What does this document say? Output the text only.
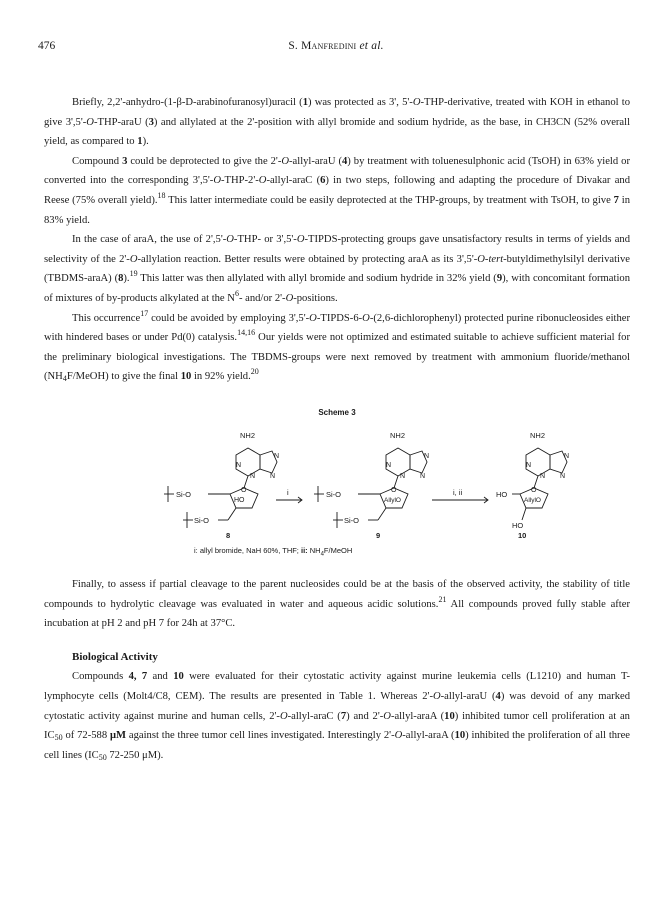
476	S. Manfredini et al.

Briefly, 2,2'-anhydro-(1-β-D-arabinofuranosyl)uracil (1) was protected as 3', 5'-O-THP-derivative, treated with KOH in ethanol to give 3',5'-O-THP-araU (3) and allylated at the 2'-position with allyl bromide and sodium hydride, as the base, in CH3CN (52% overall yield, as compared to 1).

Compound 3 could be deprotected to give the 2'-O-allyl-araU (4) by treatment with toluenesulphonic acid (TsOH) in 63% yield or converted into the corresponding 3',5'-O-THP-2'-O-allyl-araC (6) in two steps, following and adapting the procedure of Divakar and Reese (75% overall yield).$^{18}$ This latter intermediate could be easily deprotected at the THP-groups, by treatment with TsOH, to give 7 in 83% yield.

In the case of araA, the use of 2',5'-O-THP- or 3',5'-O-TIPDS-protecting groups gave unsatisfactory results in terms of yields and selectivity of the 2'-O-allylation reaction. Better results were obtained by protecting araA as its 3',5'-O-tert-butyldimethylsilyl derivative (TBDMS-araA) (8).$^{19}$ This latter was then allylated with allyl bromide and sodium hydride in 32% yield (9), with concomitant formation of mixtures of by-products alkylated at the $N^6-$ and/or 2'-O-positions.

This occurrence$^{17}$ could be avoided by employing 3',5'-O-TIPDS-6-O-(2,6-dichlorophenyl) protected purine ribonucleosides either with hindered bases or under Pd(0) catalysis.$^{14,16}$ Our yields were not optimized and estimated suitable to achieve sufficient material for the preliminary biological investigations. The TBDMS-groups were next removed by treatment with ammonium fluoride/methanol $(NH_4F/MeOH)$ to give the final 10 in 92% yield.$^{20}$

Scheme 3
NH2
N
N
N
N
O
HO
Si-O
Si-O
8
NH2
N
N
N
N
O
AllylO
Si-O
Si-O
9
NH2
N
N
N
N
O
AllylO
HO
HO
10
i	i, ii
i: allyl bromide, NaH 60%, THF; ii: $NH_4F$/MeOH

Finally, to assess if partial cleavage to the parent nucleosides could be at the basis of the observed activity, the stability of title compounds to hydrolytic cleavage was evaluated in water and aqueous acidic solutions.$^{21}$ All compounds proved fully stable after incubation at pH 2 and pH 7 for 24h at 37°C.

Biological Activity

Compounds 4, 7 and 10 were evaluated for their cytostatic activity against murine leukemia cells (L1210) and human T-lymphocyte cells (Molt4/C8, CEM). The results are presented in Table 1. Whereas 2'-O-allyl-araU (4) was devoid of any marked cytostatic activity against murine and human cells, 2'-O-allyl-araC (7) and 2'-O-allyl-araA (10) inhibited tumor cell proliferation at an $IC_{50}$ of 72-588 μM against the three tumor cell lines investigated. Interestingly 2'-O-allyl-araA (10) inhibited the proliferation of all three cell lines ($IC_{50}$ 72-250 μM).
